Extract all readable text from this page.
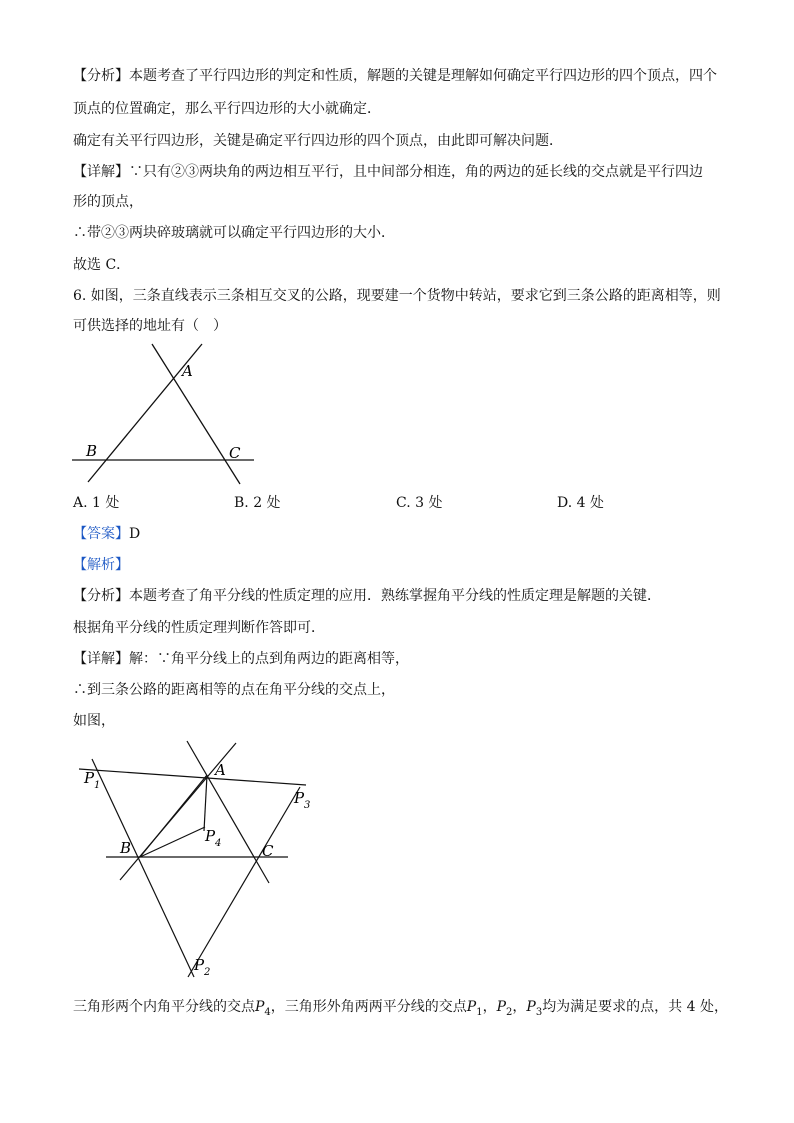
【分析】本题考查了平行四边形的判定和性质，解题的关键是理解如何确定平行四边形的四个顶点，四个
顶点的位置确定，那么平行四边形的大小就确定．
确定有关平行四边形，关键是确定平行四边形的四个顶点，由此即可解决问题．
【详解】∵只有②③两块角的两边相互平行，且中间部分相连，角的两边的延长线的交点就是平行四边
形的顶点，
∴带②③两块碎玻璃就可以确定平行四边形的大小．
故选 C．
6. 如图，三条直线表示三条相互交叉的公路，现要建一个货物中转站，要求它到三条公路的距离相等，则
可供选择的地址有（　）
A
B	C
A. 1 处	B. 2 处	C. 3 处	D. 4 处
【答案】D
【解析】
【分析】本题考查了角平分线的性质定理的应用．熟练掌握角平分线的性质定理是解题的关键．
根据角平分线的性质定理判断作答即可．
【详解】解：∵角平分线上的点到角两边的距离相等，
∴到三条公路的距离相等的点在角平分线的交点上，
如图，
A
B	C
P 1
P 2
P 3
P 4
三角形两个内角平分线的交点$P_4$，三角形外角两两平分线的交点$P_1$，$P_2$，$P_3$均为满足要求的点，共 4 处，
